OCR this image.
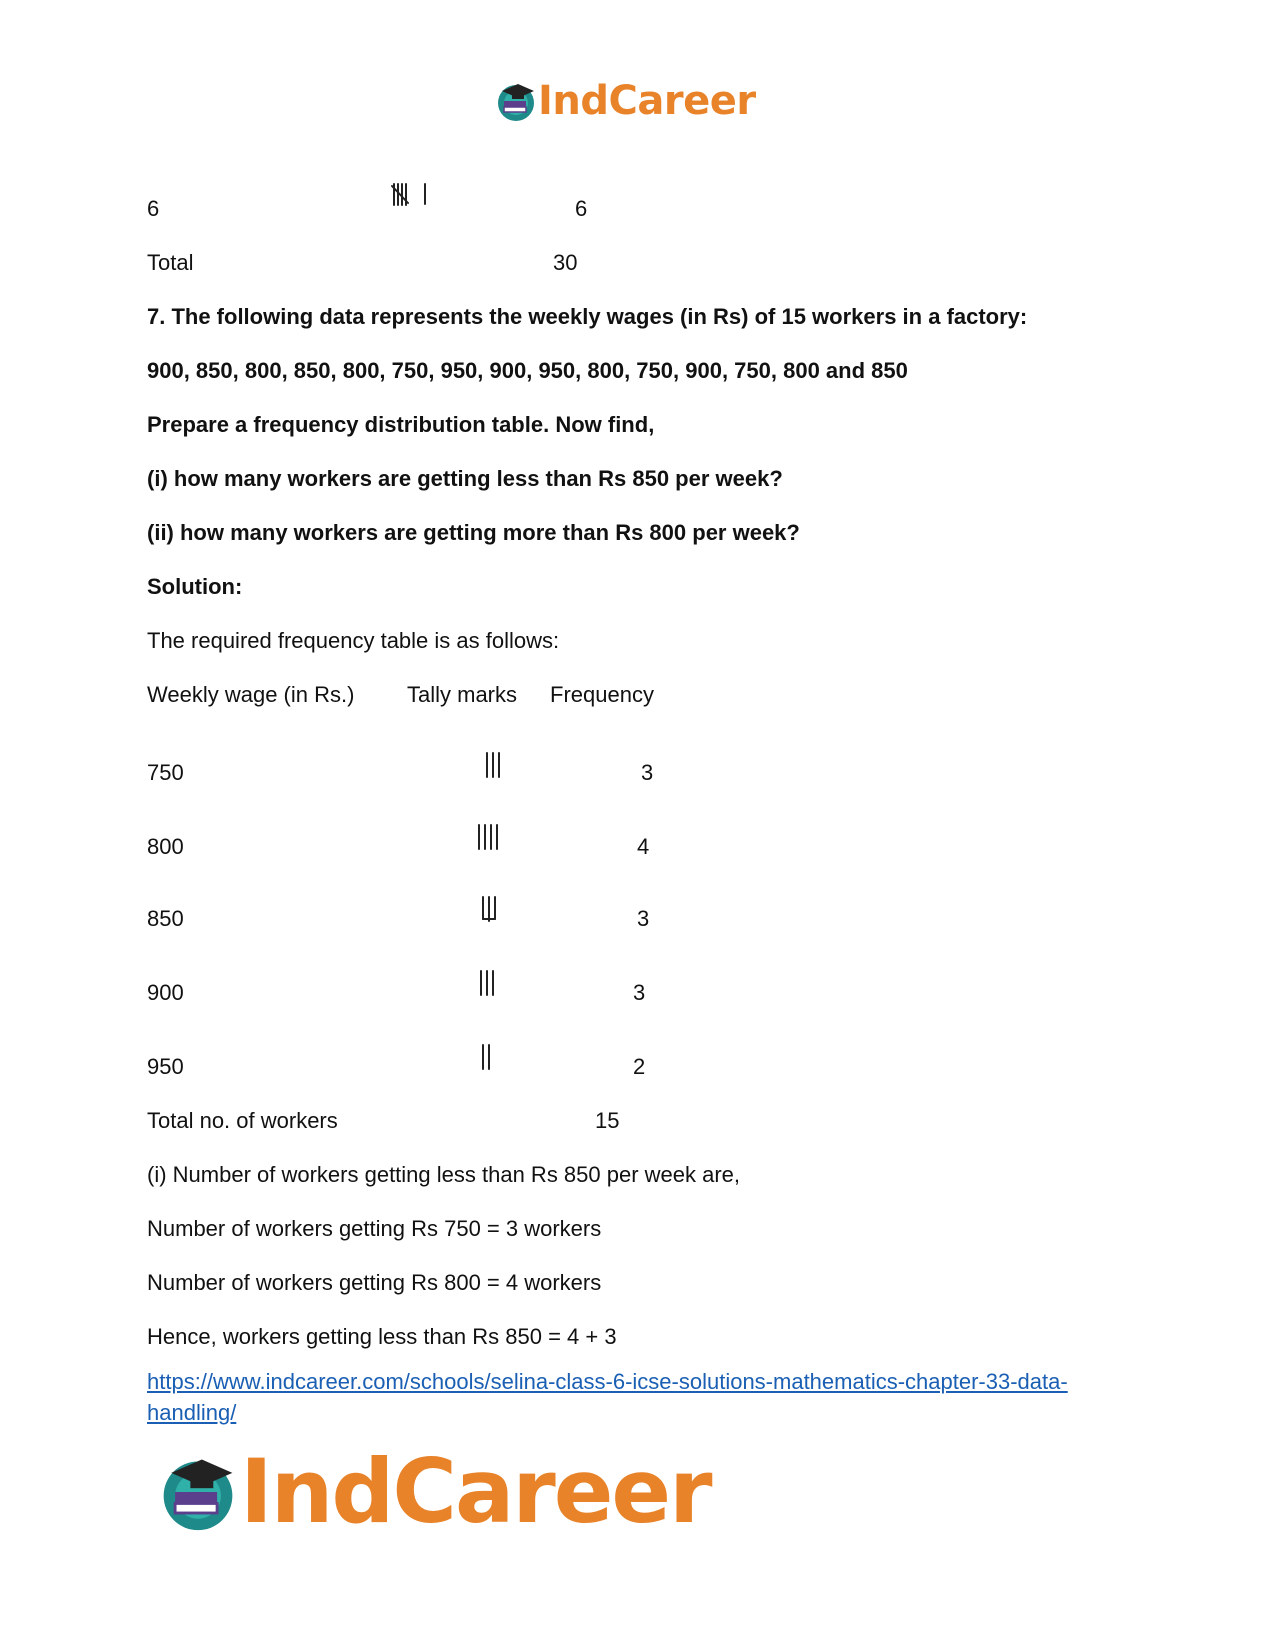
IndCareer
6	6
Total	30
7. The following data represents the weekly wages (in Rs) of 15 workers in a factory:
900, 850, 800, 850, 800, 750, 950, 900, 950, 800, 750, 900, 750, 800 and 850
Prepare a frequency distribution table. Now find,
(i) how many workers are getting less than Rs 850 per week?
(ii) how many workers are getting more than Rs 800 per week?
Solution:
The required frequency table is as follows:
Weekly wage (in Rs.) Tally marks Frequency
750	3
800	4
850	3
900	3
950	2
Total no. of workers	15
(i) Number of workers getting less than Rs 850 per week are,
Number of workers getting Rs 750 = 3 workers
Number of workers getting Rs 800 = 4 workers
Hence, workers getting less than Rs 850 = 4 + 3
https://www.indcareer.com/schools/selina-class-6-icse-solutions-mathematics-chapter-33-data-handling/
IndCareer
